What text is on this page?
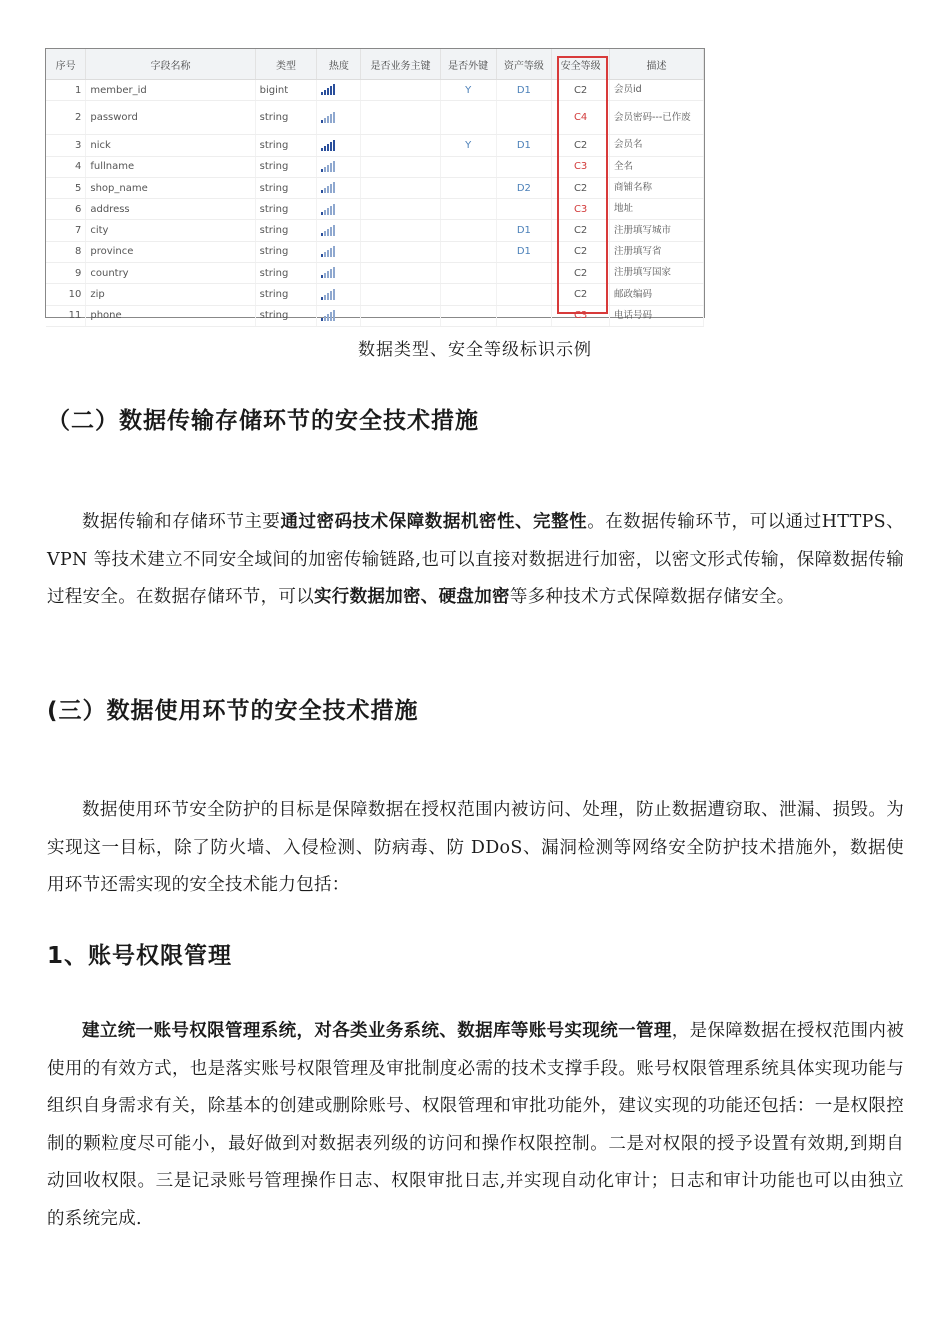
序号	字段名称	类型	热度	是否业务主键	是否外键	资产等级	安全等级	描述
1	member_id	bigint			Y	D1	C2	会员id
2	password	string					C4	会员密码---已作废
3	nick	string			Y	D1	C2	会员名
4	fullname	string					C3	全名
5	shop_name	string				D2	C2	商铺名称
6	address	string					C3	地址
7	city	string				D1	C2	注册填写城市
8	province	string				D1	C2	注册填写省
9	country	string					C2	注册填写国家
10	zip	string					C2	邮政编码
11	phone	string					C3	电话号码
数据类型、安全等级标识示例
（二）数据传输存储环节的安全技术措施

数据传输和存储环节主要通过密码技术保障数据机密性、完整性。在数据传输环节，可以通过HTTPS、VPN 等技术建立不同安全域间的加密传输链路,也可以直接对数据进行加密，以密文形式传输，保障数据传输过程安全。在数据存储环节，可以实行数据加密、硬盘加密等多种技术方式保障数据存储安全。

(三）数据使用环节的安全技术措施

数据使用环节安全防护的目标是保障数据在授权范围内被访问、处理，防止数据遭窃取、泄漏、损毁。为实现这一目标，除了防火墙、入侵检测、防病毒、防 DDoS、漏洞检测等网络安全防护技术措施外，数据使用环节还需实现的安全技术能力包括：

1、账号权限管理

建立统一账号权限管理系统，对各类业务系统、数据库等账号实现统一管理，是保障数据在授权范围内被使用的有效方式，也是落实账号权限管理及审批制度必需的技术支撑手段。账号权限管理系统具体实现功能与组织自身需求有关，除基本的创建或删除账号、权限管理和审批功能外，建议实现的功能还包括：一是权限控制的颗粒度尽可能小，最好做到对数据表列级的访问和操作权限控制。二是对权限的授予设置有效期,到期自动回收权限。三是记录账号管理操作日志、权限审批日志,并实现自动化审计；日志和审计功能也可以由独立的系统完成.
